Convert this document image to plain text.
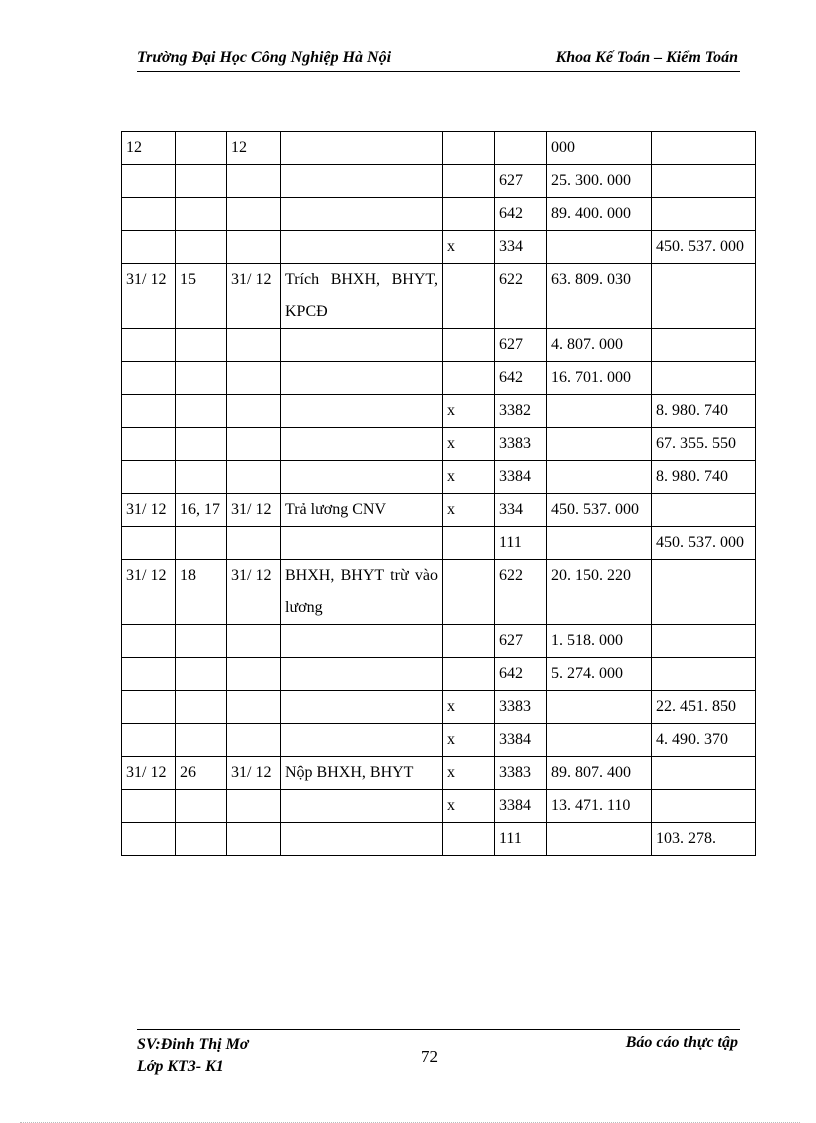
Trường Đại Học Công Nghiệp Hà Nội	Khoa Kế Toán – Kiểm Toán
12		12				000	
					627	25. 300. 000	
					642	89. 400. 000	
				x	334		450. 537. 000
31/ 12	15	31/ 12	Trích BHXH, BHYT, KPCĐ		622	63. 809. 030	
					627	4. 807. 000	
					642	16. 701. 000	
				x	3382		8. 980. 740
				x	3383		67. 355. 550
				x	3384		8. 980. 740
31/ 12	16, 17	31/ 12	Trả lương CNV	x	334	450. 537. 000	
					111		450. 537. 000
31/ 12	18	31/ 12	BHXH, BHYT trừ vào lương		622	20. 150. 220	
					627	1. 518. 000	
					642	5. 274. 000	
				x	3383		22. 451. 850
				x	3384		4. 490. 370
31/ 12	26	31/ 12	Nộp BHXH, BHYT	x	3383	89. 807. 400	
				x	3384	13. 471. 110	
					111		103. 278.
SV:Đinh Thị Mơ
Lớp KT3- K1
72
Báo cáo thực tập
